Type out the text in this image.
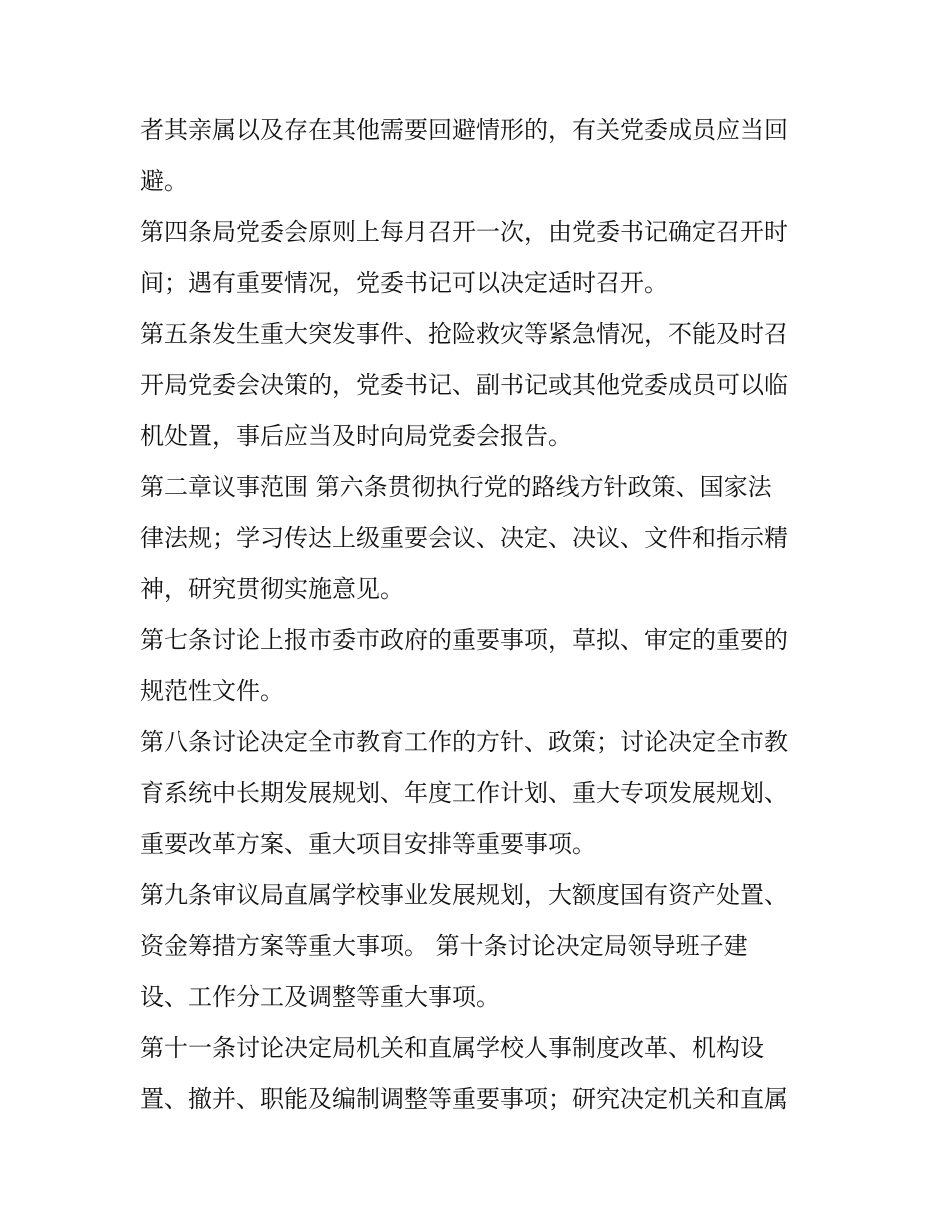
者其亲属以及存在其他需要回避情形的，有关党委成员应当回
避。
第四条局党委会原则上每月召开一次，由党委书记确定召开时
间；遇有重要情况，党委书记可以决定适时召开。
第五条发生重大突发事件、抢险救灾等紧急情况，不能及时召
开局党委会决策的，党委书记、副书记或其他党委成员可以临
机处置，事后应当及时向局党委会报告。
第二章议事范围 第六条贯彻执行党的路线方针政策、国家法
律法规；学习传达上级重要会议、决定、决议、文件和指示精
神，研究贯彻实施意见。
第七条讨论上报市委市政府的重要事项，草拟、审定的重要的
规范性文件。
第八条讨论决定全市教育工作的方针、政策；讨论决定全市教
育系统中长期发展规划、年度工作计划、重大专项发展规划、
重要改革方案、重大项目安排等重要事项。
第九条审议局直属学校事业发展规划，大额度国有资产处置、
资金筹措方案等重大事项。 第十条讨论决定局领导班子建
设、工作分工及调整等重大事项。
第十一条讨论决定局机关和直属学校人事制度改革、机构设
置、撤并、职能及编制调整等重要事项；研究决定机关和直属
